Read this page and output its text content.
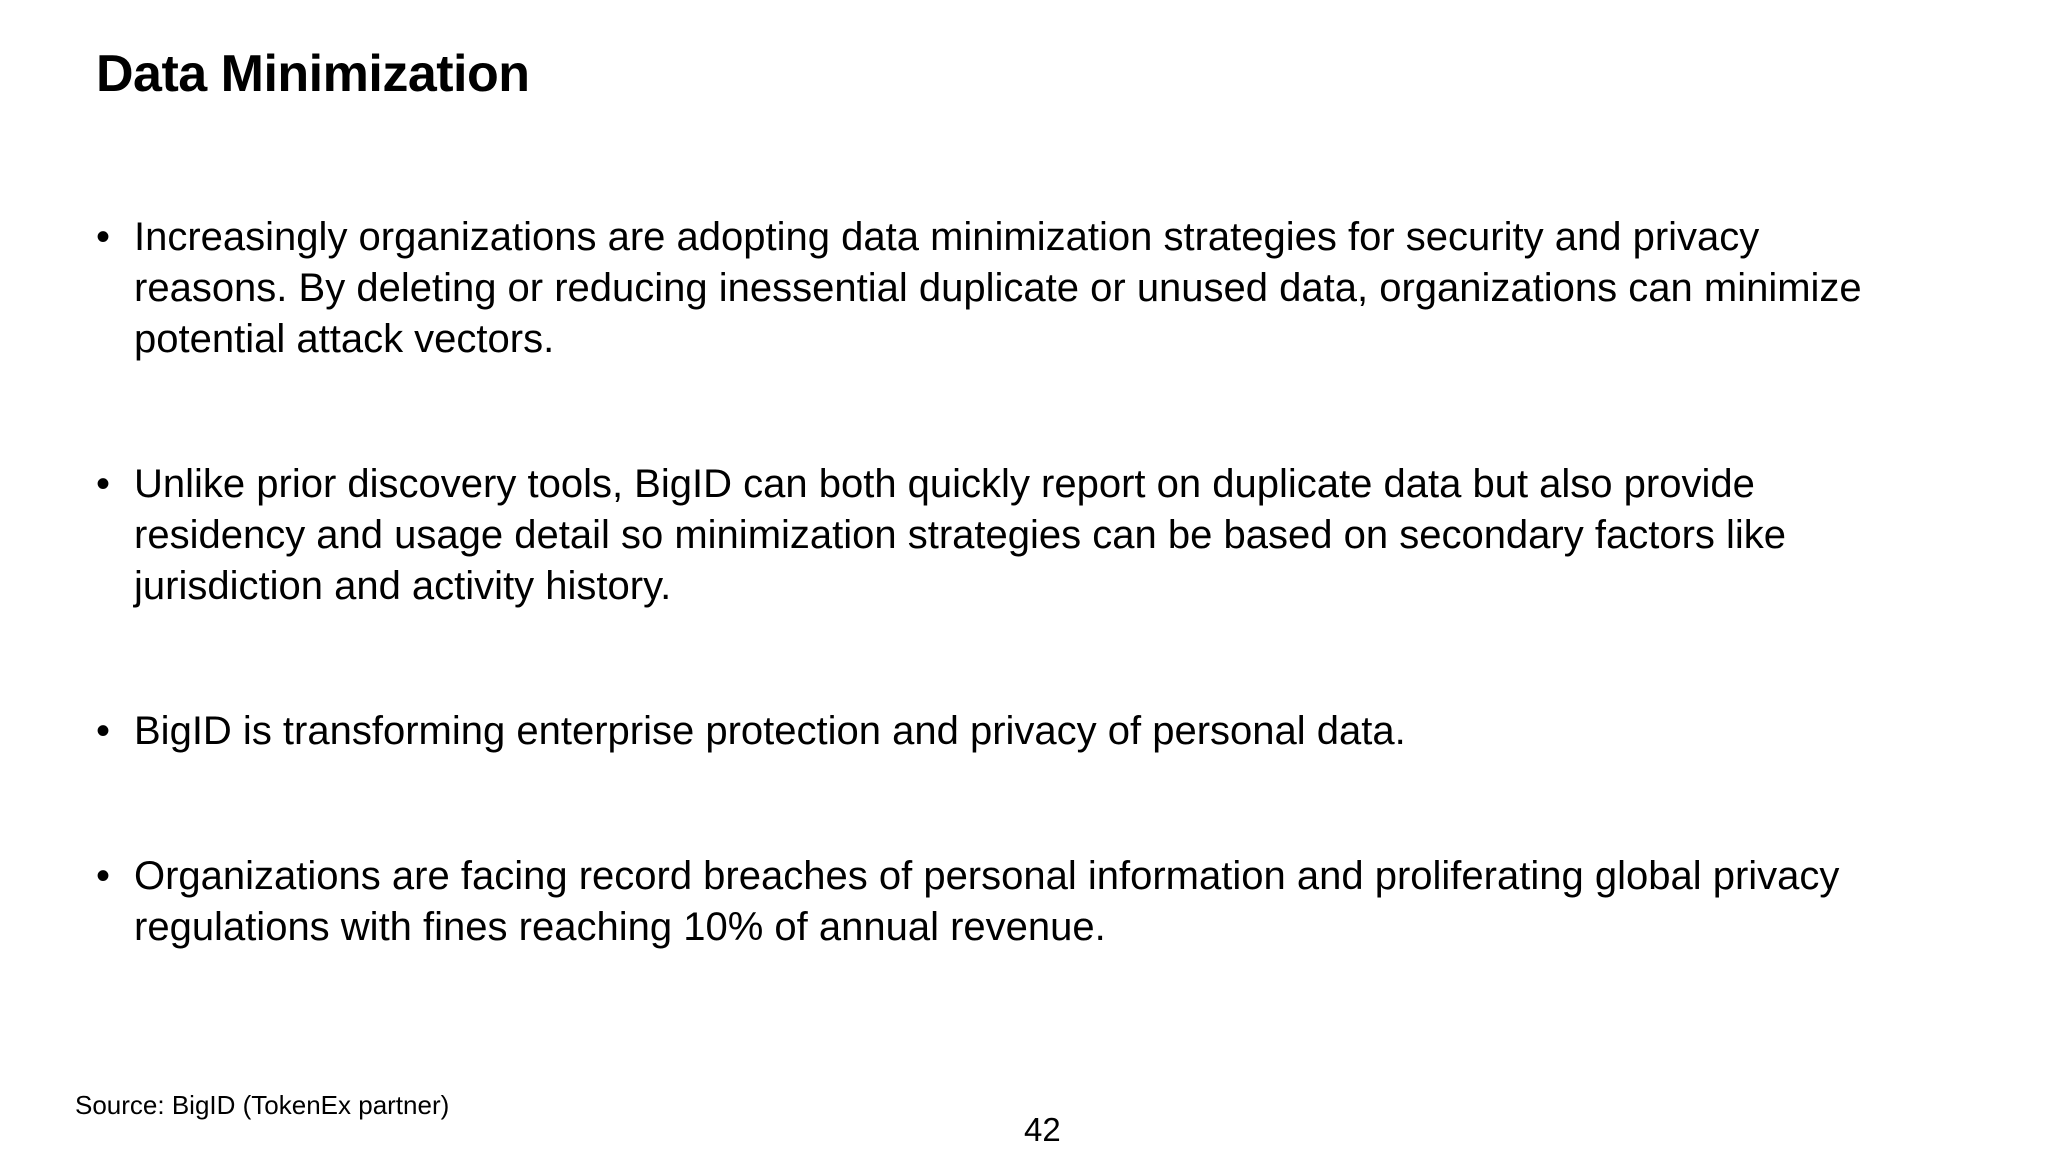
Data Minimization
• Increasingly organizations are adopting data minimization strategies for security and privacy reasons. By deleting or reducing inessential duplicate or unused data, organizations can minimize potential attack vectors.
• Unlike prior discovery tools, BigID can both quickly report on duplicate data but also provide residency and usage detail so minimization strategies can be based on secondary factors like jurisdiction and activity history.
• BigID is transforming enterprise protection and privacy of personal data.
• Organizations are facing record breaches of personal information and proliferating global privacy regulations with fines reaching 10% of annual revenue.
Source: BigID (TokenEx partner)
42
